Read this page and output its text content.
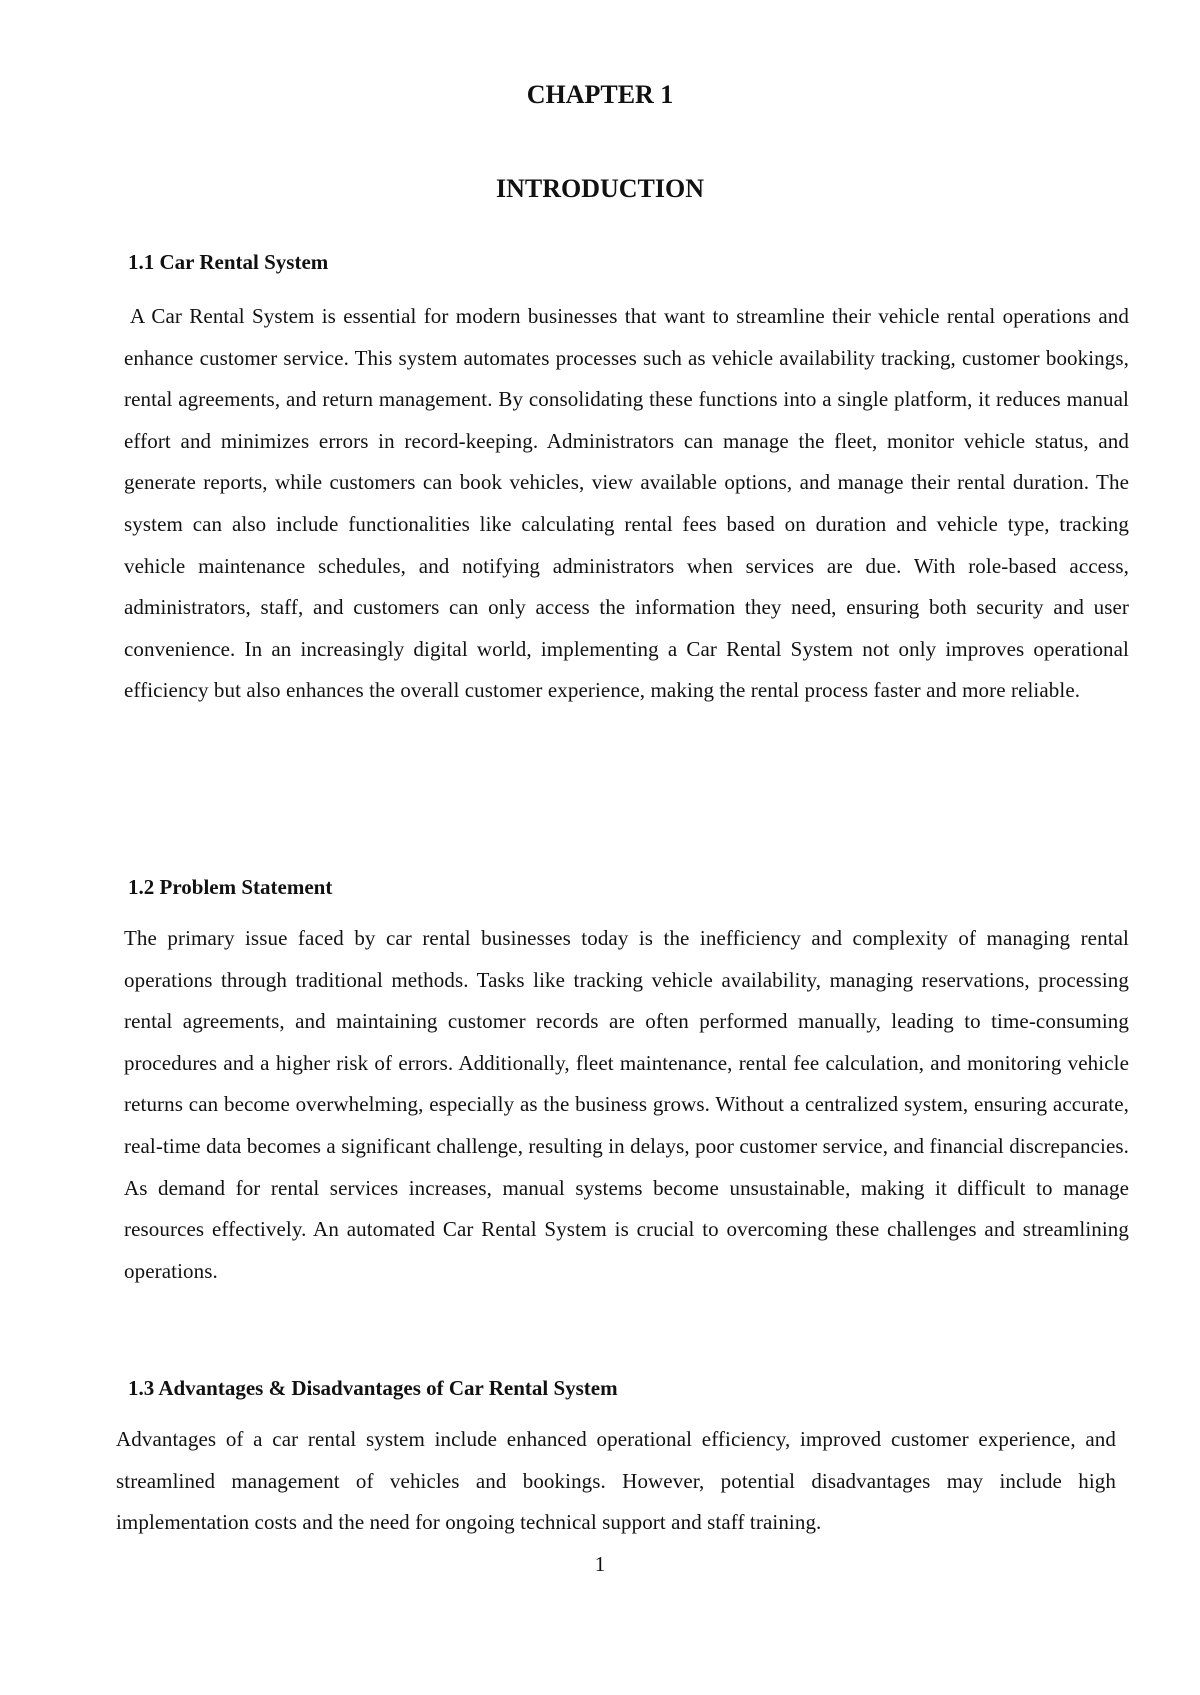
CHAPTER 1
INTRODUCTION
1.1 Car Rental System

A Car Rental System is essential for modern businesses that want to streamline their vehicle rental operations and enhance customer service. This system automates processes such as vehicle availability tracking, customer bookings, rental agreements, and return management. By consolidating these functions into a single platform, it reduces manual effort and minimizes errors in record-keeping. Administrators can manage the fleet, monitor vehicle status, and generate reports, while customers can book vehicles, view available options, and manage their rental duration. The system can also include functionalities like calculating rental fees based on duration and vehicle type, tracking vehicle maintenance schedules, and notifying administrators when services are due. With role-based access, administrators, staff, and customers can only access the information they need, ensuring both security and user convenience. In an increasingly digital world, implementing a Car Rental System not only improves operational efficiency but also enhances the overall customer experience, making the rental process faster and more reliable.

1.2 Problem Statement

The primary issue faced by car rental businesses today is the inefficiency and complexity of managing rental operations through traditional methods. Tasks like tracking vehicle availability, managing reservations, processing rental agreements, and maintaining customer records are often performed manually, leading to time-consuming procedures and a higher risk of errors. Additionally, fleet maintenance, rental fee calculation, and monitoring vehicle returns can become overwhelming, especially as the business grows. Without a centralized system, ensuring accurate, real-time data becomes a significant challenge, resulting in delays, poor customer service, and financial discrepancies. As demand for rental services increases, manual systems become unsustainable, making it difficult to manage resources effectively. An automated Car Rental System is crucial to overcoming these challenges and streamlining operations.

1.3 Advantages & Disadvantages of Car Rental System

Advantages of a car rental system include enhanced operational efficiency, improved customer experience, and streamlined management of vehicles and bookings. However, potential disadvantages may include high implementation costs and the need for ongoing technical support and staff training.

1
